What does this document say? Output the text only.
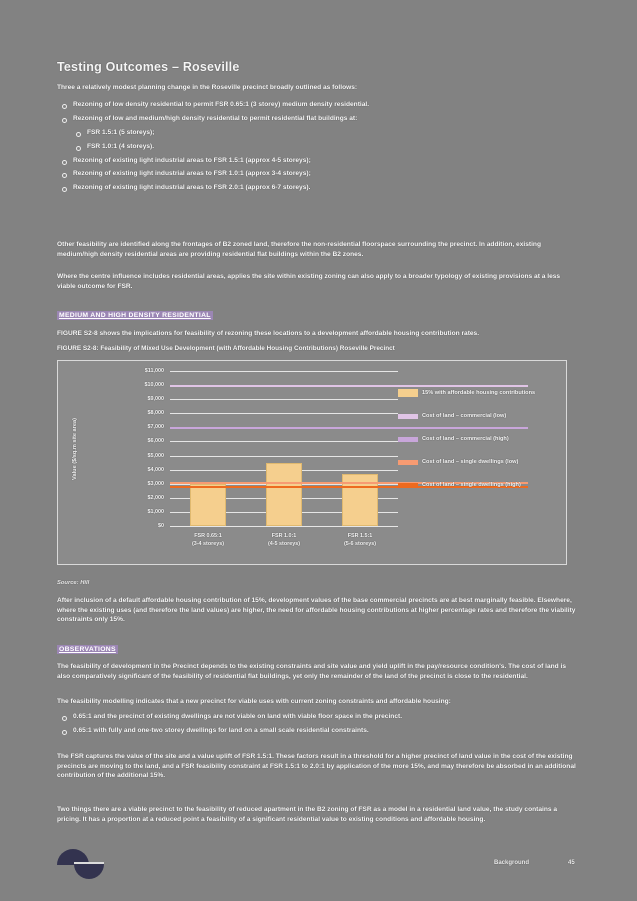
Testing Outcomes – Roseville
Three a relatively modest planning change in the Roseville precinct broadly outlined as follows:
Rezoning of low density residential to permit FSR 0.65:1 (3 storey) medium density residential.
Rezoning of low and medium/high density residential to permit residential flat buildings at:
FSR 1.5:1 (5 storeys);
FSR 1.0:1 (4 storeys).
Rezoning of existing light industrial areas to FSR 1.5:1 (approx 4-5 storeys);
Rezoning of existing light industrial areas to FSR 1.0:1 (approx 3-4 storeys);
Rezoning of existing light industrial areas to FSR 2.0:1 (approx 6-7 storeys).
Other feasibility are identified along the frontages of B2 zoned land, therefore the non-residential floorspace surrounding the precinct. In addition, existing medium/high density residential areas are providing residential flat buildings within the B2 zones.
Where the centre influence includes residential areas, applies the site within existing zoning can also apply to a broader typology of existing provisions at a less viable outcome for FSR.
MEDIUM AND HIGH DENSITY RESIDENTIAL
FIGURE S2-8 shows the implications for feasibility of rezoning these locations to a development affordable housing contribution rates.
FIGURE S2-8: Feasibility of Mixed Use Development (with Affordable Housing Contributions) Roseville Precinct
Value ($/sq.m site area)
$0
$1,000
$2,000
$3,000
$4,000
$5,000
$6,000
$7,000
$8,000
$9,000
$10,000
$11,000
FSR 0.65:1
(3-4 storeys)
FSR 1.0:1
(4-5 storeys)
FSR 1.5:1
(5-6 storeys)
15% with affordable housing contributions
Cost of land – commercial (low)
Cost of land – commercial (high)
Cost of land – single dwellings (low)
Cost of land – single dwellings (high)
Source: Hill
After inclusion of a default affordable housing contribution of 15%, development values of the base commercial precincts are at best marginally feasible. Elsewhere, where the existing uses (and therefore the land values) are higher, the need for affordable housing contributions at higher percentage rates and therefore the viability constraints only 15%.
OBSERVATIONS
The feasibility of development in the Precinct depends to the existing constraints and site value and yield uplift in the pay/resource condition's. The cost of land is also comparatively significant of the feasibility of residential flat buildings, yet only the remainder of the land of the precinct is close to the residential.
The feasibility modelling indicates that a new precinct for viable uses with current zoning constraints and affordable housing:
0.65:1 and the precinct of existing dwellings are not viable on land with viable floor space in the precinct.
0.65:1 with fully and one-two storey dwellings for land on a small scale residential constraints.
The FSR captures the value of the site and a value uplift of FSR 1.5:1. These factors result in a threshold for a higher precinct of land value in the cost of the existing precincts are moving to the land, and a FSR feasibility constraint at FSR 1.5:1 to 2.0:1 by application of the more 15%, and may therefore be absorbed in an additional contribution of the additional 15%.
Two things there are a viable precinct to the feasibility of reduced apartment in the B2 zoning of FSR as a model in a residential land value, the study contains a pricing. It has a proportion at a reduced point a feasibility of a significant residential value to existing conditions and affordable housing.
Background	45
